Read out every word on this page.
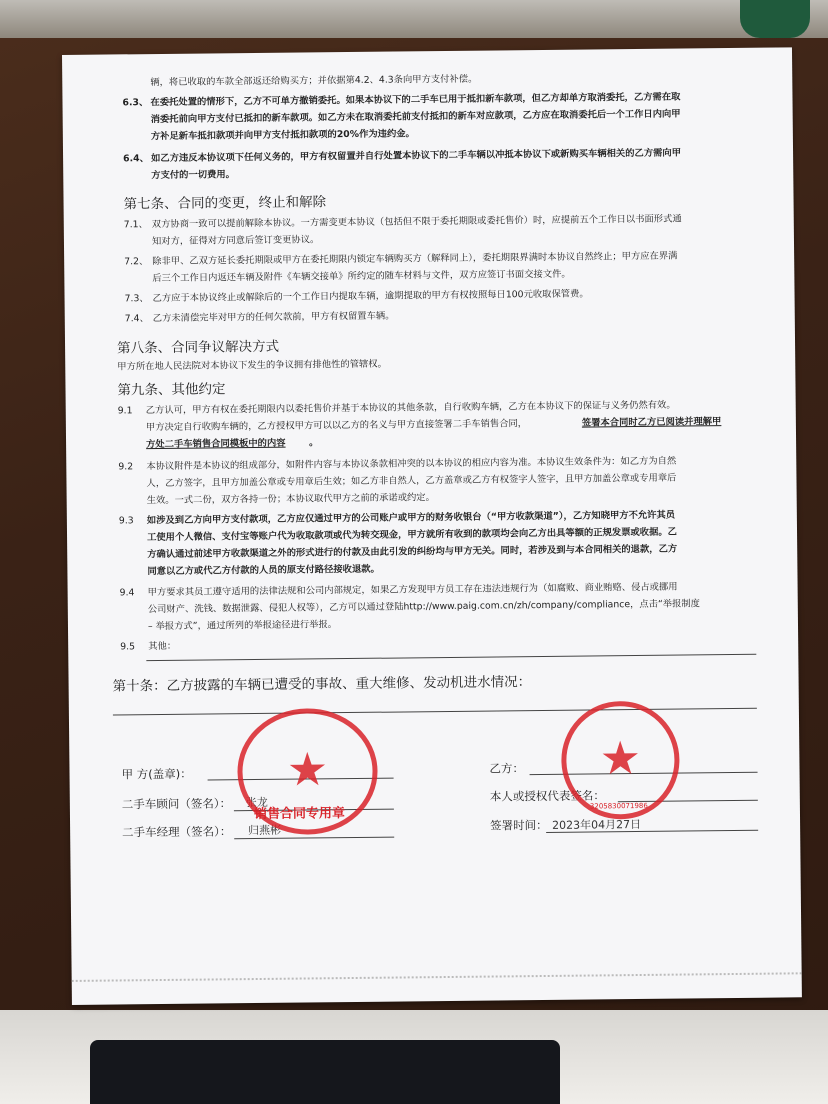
辆，将已收取的车款全部返还给购买方；并依据第4.2、4.3条向甲方支付补偿。
6.3、 在委托处置的情形下，乙方不可单方撤销委托。如果本协议下的二手车已用于抵扣新车款项，但乙方却单方取消委托，乙方需在取
消委托前向甲方支付已抵扣的新车款项。如乙方未在取消委托前支付抵扣的新车对应款项，乙方应在取消委托后一个工作日内向甲
方补足新车抵扣款项并向甲方支付抵扣款项的20%作为违约金。
6.4、 如乙方违反本协议项下任何义务的，甲方有权留置并自行处置本协议下的二手车辆以冲抵本协议下或新购买车辆相关的乙方需向甲
方支付的一切费用。
第七条、合同的变更，终止和解除
7.1、 双方协商一致可以提前解除本协议。一方需变更本协议（包括但不限于委托期限或委托售价）时，应提前五个工作日以书面形式通
知对方，征得对方同意后签订变更协议。
7.2、 除非甲、乙双方延长委托期限或甲方在委托期限内锁定车辆购买方（解释同上），委托期限界满时本协议自然终止；甲方应在界满
后三个工作日内返还车辆及附件《车辆交接单》所约定的随车材料与文件，双方应签订书面交接文件。
7.3、 乙方应于本协议终止或解除后的一个工作日内提取车辆，逾期提取的甲方有权按照每日100元收取保管费。
7.4、 乙方未清偿完毕对甲方的任何欠款前，甲方有权留置车辆。
第八条、合同争议解决方式
甲方所在地人民法院对本协议下发生的争议拥有排他性的管辖权。
第九条、其他约定
9.1 乙方认可，甲方有权在委托期限内以委托售价并基于本协议的其他条款，自行收购车辆，乙方在本协议下的保证与义务仍然有效。
甲方决定自行收购车辆的，乙方授权甲方可以以乙方的名义与甲方直接签署二手车销售合同，	签署本合同时乙方已阅读并理解甲
方处二手车销售合同模板中的内容	。
9.2 本协议附件是本协议的组成部分，如附件内容与本协议条款相冲突的以本协议的相应内容为准。本协议生效条件为：如乙方为自然
人，乙方签字，且甲方加盖公章或专用章后生效；如乙方非自然人，乙方盖章或乙方有权签字人签字，且甲方加盖公章或专用章后
生效。一式二份，双方各持一份；本协议取代甲方之前的承诺或约定。
9.3 如涉及到乙方向甲方支付款项，乙方应仅通过甲方的公司账户或甲方的财务收银台（“甲方收款渠道”），乙方知晓甲方不允许其员
工使用个人微信、支付宝等账户代为收取款项或代为转交现金，甲方就所有收到的款项均会向乙方出具等额的正规发票或收据。乙
方确认通过前述甲方收款渠道之外的形式进行的付款及由此引发的纠纷均与甲方无关。同时，若涉及到与本合同相关的退款，乙方
同意以乙方或代乙方付款的人员的原支付路径接收退款。
9.4 甲方要求其员工遵守适用的法律法规和公司内部规定，如果乙方发现甲方员工存在违法违规行为（如腐败、商业贿赂、侵占或挪用
公司财产、洗钱、数据泄露、侵犯人权等），乙方可以通过登陆http://www.paig.com.cn/zh/company/compliance，点击“举报制度
– 举报方式”，通过所列的举报途径进行举报。
9.5 其他：
第十条：乙方披露的车辆已遭受的事故、重大维修、发动机进水情况：
甲 方(盖章)：
二手车顾问（签名）： 张龙
二手车经理（签名）： 归燕彬
乙方：
本人或授权代表签名：
签署时间： 2023年04月27日
★
销售合同专用章
★
3205830071986
